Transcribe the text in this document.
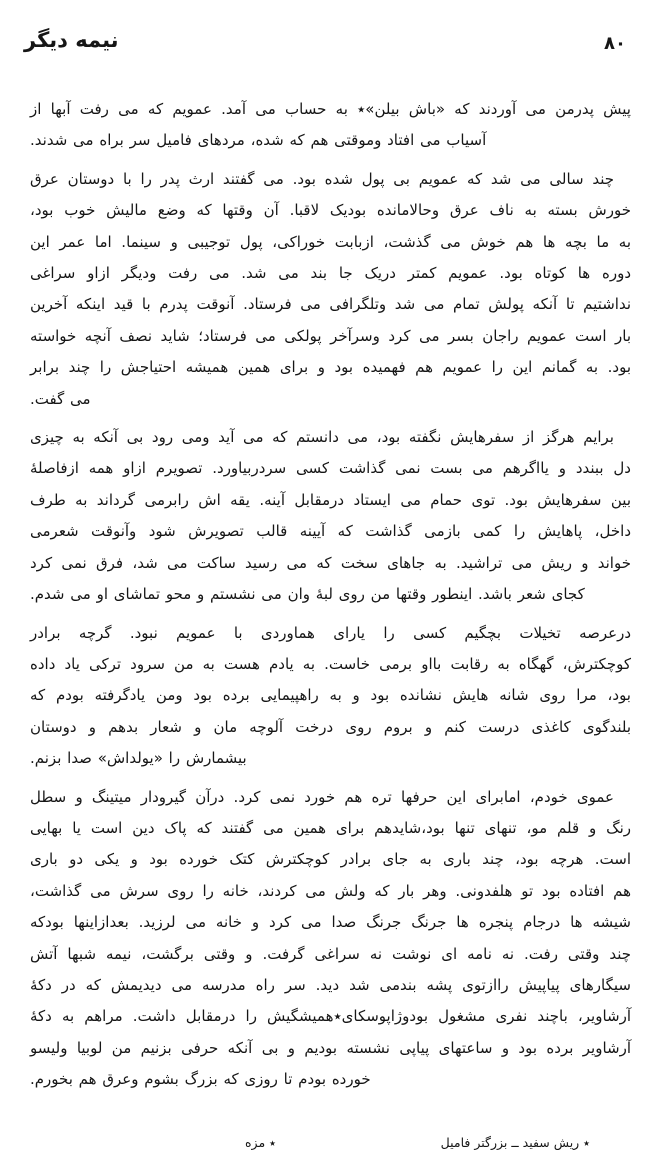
نیمه دیگر	۸۰
پیش پدرمن می آوردند که «باش بیلن»٭ به حساب می آمد. عمویم که می رفت آبها از
آسیاب می افتاد وموقتی هم که شده، مردهای فامیل سر براه می شدند.
چند سالی می شد که عمویم بی پول شده بود. می گفتند ارث پدر را با دوستان عرق
خورش بسته به ناف عرق وحالامانده بودیک لاقبا. آن وقتها که وضع مالیش خوب بود،
به ما بچه ها هم خوش می گذشت، ازبابت خوراکی، پول توجیبی و سینما. اما عمر این
دوره ها کوتاه بود. عمویم کمتر دریک جا بند می شد. می رفت ودیگر ازاو سراغی
نداشتیم تا آنکه پولش تمام می شد وتلگرافی می فرستاد. آنوقت پدرم با قید اینکه آخرین
بار است عمویم راجان بسر می کرد وسرآخر پولکی می فرستاد؛ شاید نصف آنچه خواسته
بود. به گمانم این را عمویم هم فهمیده بود و برای همین همیشه احتیاجش را چند برابر
می گفت.
برایم هرگز از سفرهایش نگفته بود، می دانستم که می آید ومی رود بی آنکه به چیزی
دل ببندد و یااگرهم می بست نمی گذاشت کسی سردربیاورد. تصویرم ازاو همه ازفاصلهٔ
بین سفرهایش بود. توی حمام می ایستاد درمقابل آینه. یقه اش رابرمی گرداند به طرف
داخل، پاهایش را کمی بازمی گذاشت که آیینه قالب تصویرش شود وآنوقت شعرمی
خواند و ریش می تراشید. به جاهای سخت که می رسید ساکت می شد، فرق نمی کرد
کجای شعر باشد. اینطور وقتها من روی لبهٔ وان می نشستم و محو تماشای او می شدم.
درعرصه تخیلات بچگیم کسی را یارای هماوردی با عمویم نبود. گرچه برادر
کوچکترش، گهگاه به رقابت بااو برمی خاست. به یادم هست به من سرود ترکی یاد داده
بود، مرا روی شانه هایش نشانده بود و به راهپیمایی برده بود ومن یادگرفته بودم که
بلندگوی کاغذی درست کنم و بروم روی درخت آلوچه مان و شعار بدهم و دوستان
بیشمارش را «یولداش» صدا بزنم.
عموی خودم، امابرای این حرفها تره هم خورد نمی کرد. درآن گیرودار میتینگ و سطل
رنگ و قلم مو، تنهای تنها بود،شایدهم برای همین می گفتند که پاک دین است یا بهایی
است. هرچه بود، چند باری به جای برادر کوچکترش کتک خورده بود و یکی دو باری
هم افتاده بود تو هلفدونی. وهر بار که ولش می کردند، خانه را روی سرش می گذاشت،
شیشه ها درجام پنجره ها جرنگ جرنگ صدا می کرد و خانه می لرزید. بعدازاینها بودکه
چند وقتی رفت. نه نامه ای نوشت نه سراغی گرفت. و وقتی برگشت، نیمه شبها آتش
سیگارهای پیاپیش راازتوی پشه بندمی شد دید. سر راه مدرسه می دیدیمش که در دکهٔ
آرشاویر، باچند نفری مشغول بودوژاپوسکای٭همیشگیش را درمقابل داشت. مراهم به دکهٔ
آرشاویر برده بود و ساعتهای پیاپی نشسته بودیم و بی آنکه حرفی بزنیم من لوبیا ولیسو
خورده بودم تا روزی که بزرگ بشوم وعرق هم بخورم.
٭ ریش سفید ــ بزرگتر فامیل
٭ مزه
